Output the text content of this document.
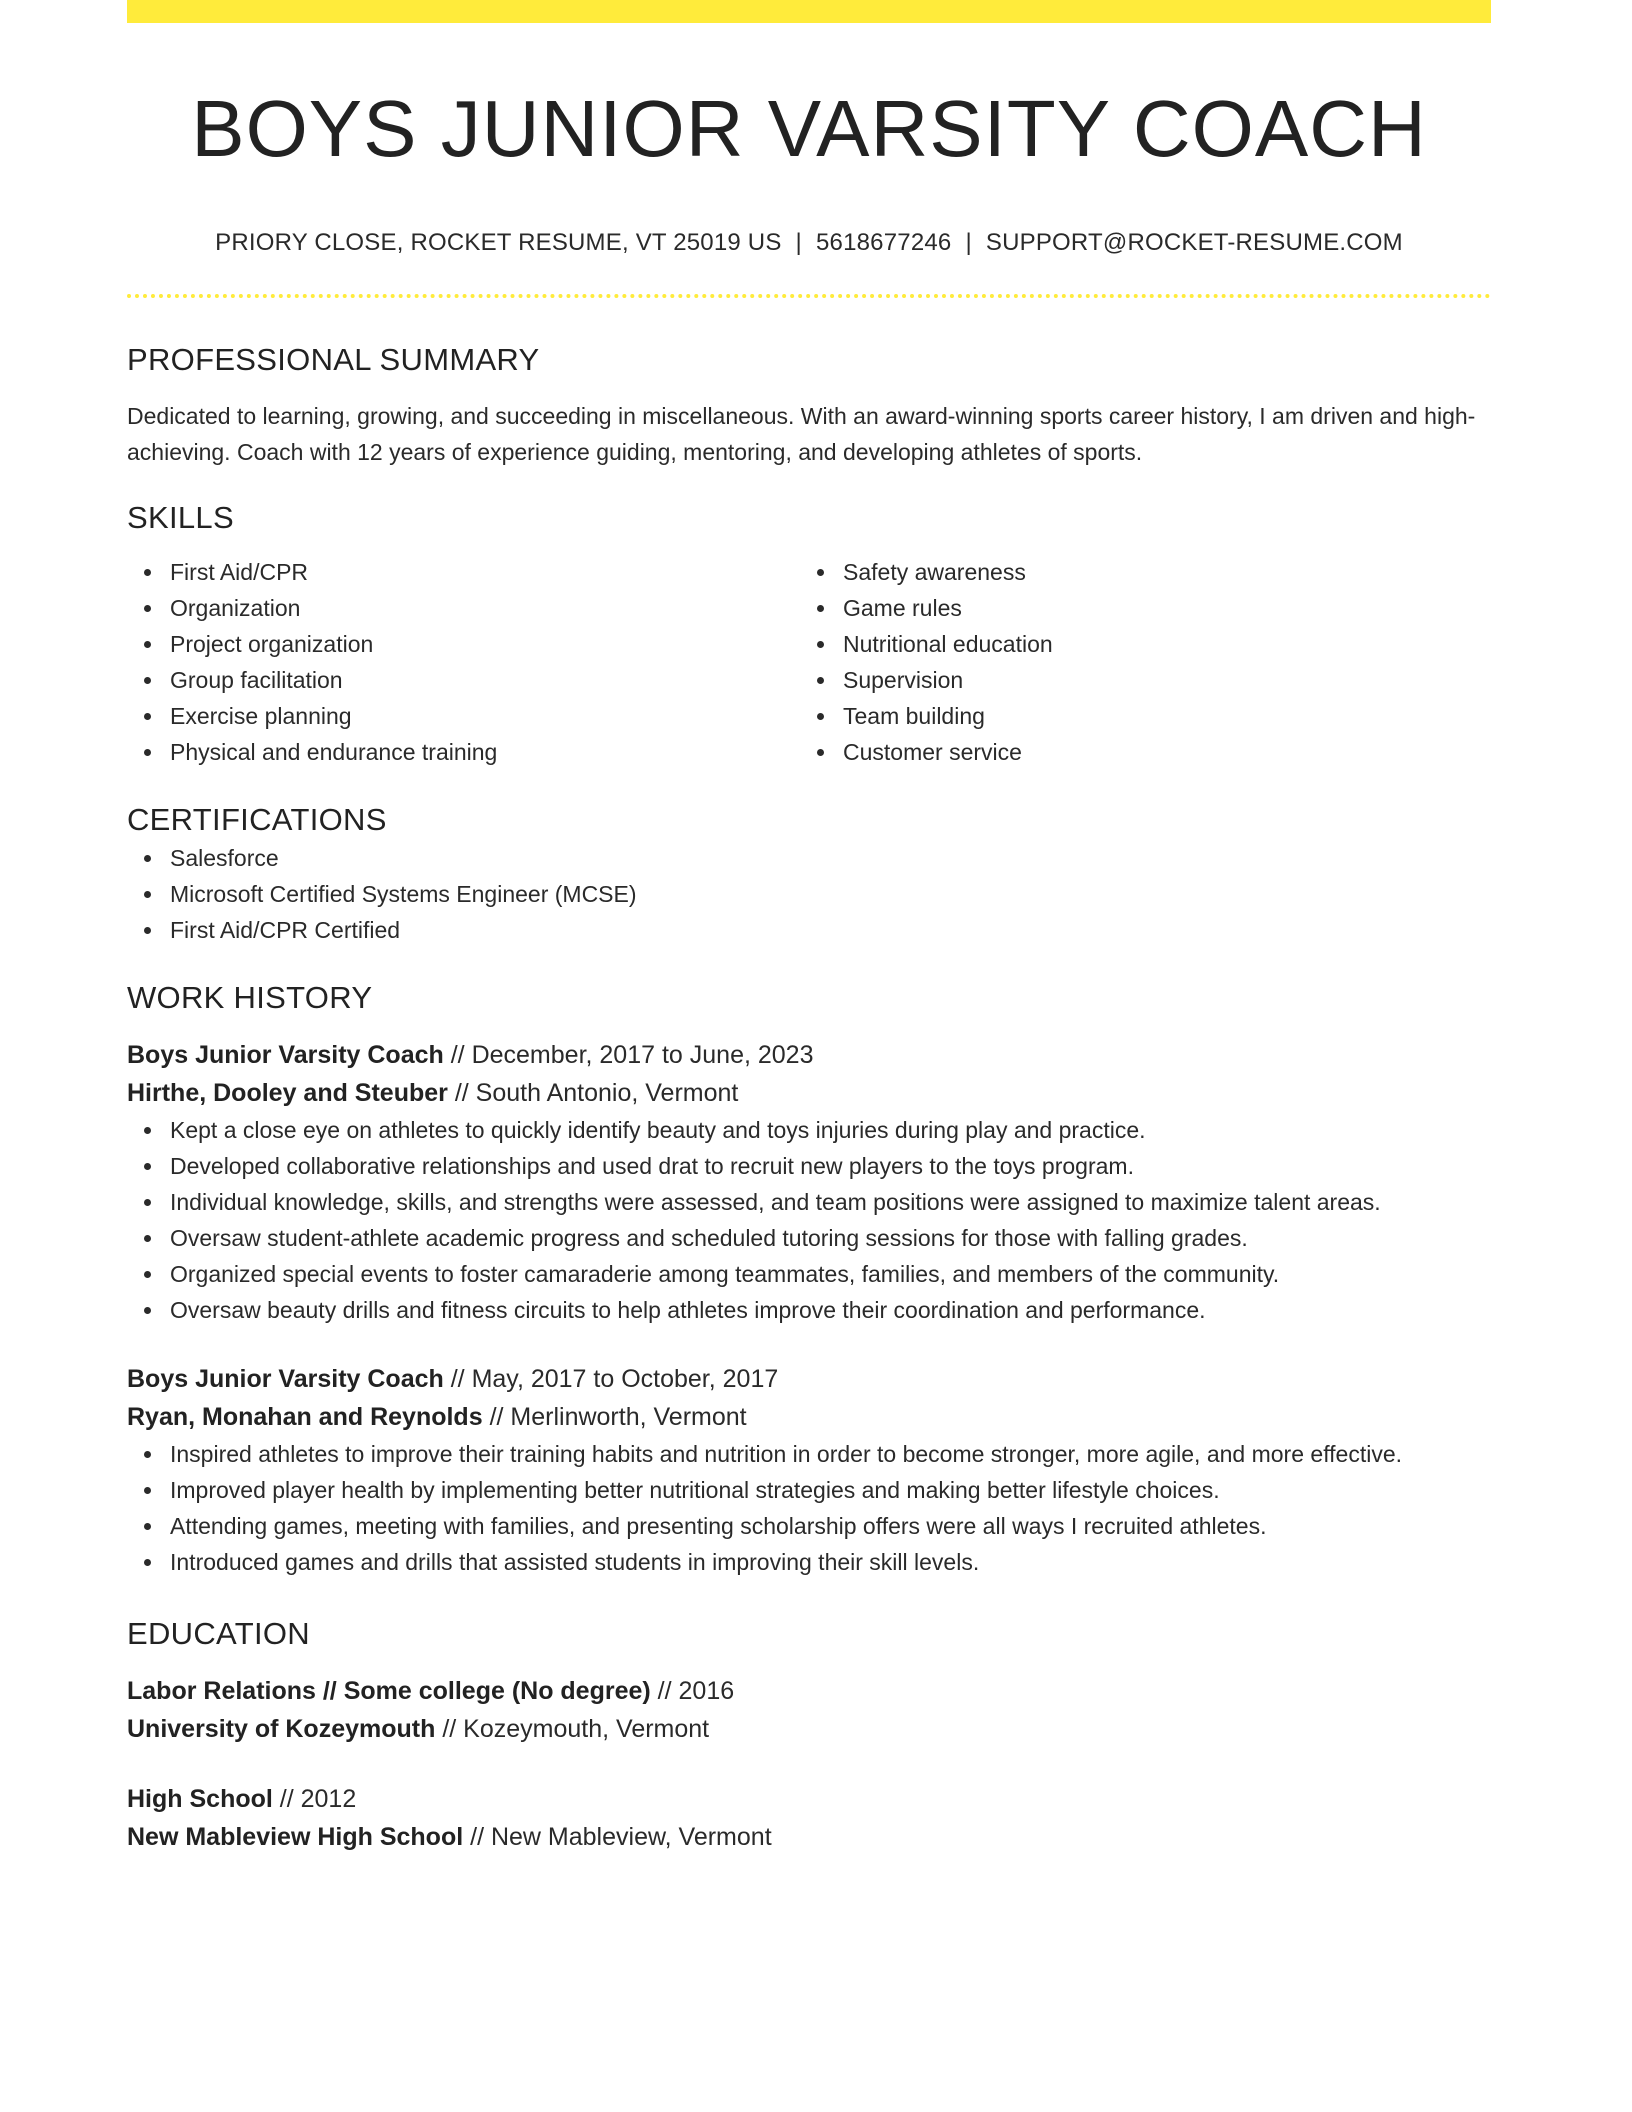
BOYS JUNIOR VARSITY COACH
PRIORY CLOSE, ROCKET RESUME, VT 25019 US | 5618677246 | SUPPORT@ROCKET-RESUME.COM
PROFESSIONAL SUMMARY
Dedicated to learning, growing, and succeeding in miscellaneous. With an award-winning sports career history, I am driven and high-achieving. Coach with 12 years of experience guiding, mentoring, and developing athletes of sports.
SKILLS
First Aid/CPR
Organization
Project organization
Group facilitation
Exercise planning
Physical and endurance training
Safety awareness
Game rules
Nutritional education
Supervision
Team building
Customer service
CERTIFICATIONS
Salesforce
Microsoft Certified Systems Engineer (MCSE)
First Aid/CPR Certified
WORK HISTORY
Boys Junior Varsity Coach // December, 2017 to June, 2023
Hirthe, Dooley and Steuber // South Antonio, Vermont
Kept a close eye on athletes to quickly identify beauty and toys injuries during play and practice.
Developed collaborative relationships and used drat to recruit new players to the toys program.
Individual knowledge, skills, and strengths were assessed, and team positions were assigned to maximize talent areas.
Oversaw student-athlete academic progress and scheduled tutoring sessions for those with falling grades.
Organized special events to foster camaraderie among teammates, families, and members of the community.
Oversaw beauty drills and fitness circuits to help athletes improve their coordination and performance.
Boys Junior Varsity Coach // May, 2017 to October, 2017
Ryan, Monahan and Reynolds // Merlinworth, Vermont
Inspired athletes to improve their training habits and nutrition in order to become stronger, more agile, and more effective.
Improved player health by implementing better nutritional strategies and making better lifestyle choices.
Attending games, meeting with families, and presenting scholarship offers were all ways I recruited athletes.
Introduced games and drills that assisted students in improving their skill levels.
EDUCATION
Labor Relations // Some college (No degree) // 2016
University of Kozeymouth // Kozeymouth, Vermont
High School // 2012
New Mableview High School // New Mableview, Vermont
